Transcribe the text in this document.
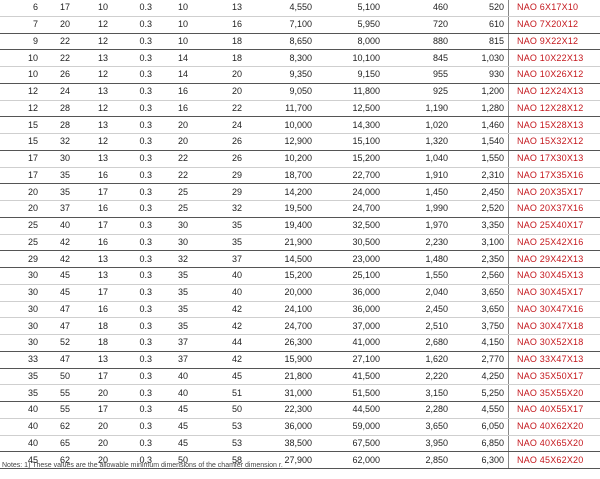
6	17	10	0.3	10	13	4,550	5,100	460	520	NAO 6X17X10
7	20	12	0.3	10	16	7,100	5,950	720	610	NAO 7X20X12
9	22	12	0.3	10	18	8,650	8,000	880	815	NAO 9X22X12
10	22	13	0.3	14	18	8,300	10,100	845	1,030	NAO 10X22X13
10	26	12	0.3	14	20	9,350	9,150	955	930	NAO 10X26X12
12	24	13	0.3	16	20	9,050	11,800	925	1,200	NAO 12X24X13
12	28	12	0.3	16	22	11,700	12,500	1,190	1,280	NAO 12X28X12
15	28	13	0.3	20	24	10,000	14,300	1,020	1,460	NAO 15X28X13
15	32	12	0.3	20	26	12,900	15,100	1,320	1,540	NAO 15X32X12
17	30	13	0.3	22	26	10,200	15,200	1,040	1,550	NAO 17X30X13
17	35	16	0.3	22	29	18,700	22,700	1,910	2,310	NAO 17X35X16
20	35	17	0.3	25	29	14,200	24,000	1,450	2,450	NAO 20X35X17
20	37	16	0.3	25	32	19,500	24,700	1,990	2,520	NAO 20X37X16
25	40	17	0.3	30	35	19,400	32,500	1,970	3,350	NAO 25X40X17
25	42	16	0.3	30	35	21,900	30,500	2,230	3,100	NAO 25X42X16
29	42	13	0.3	32	37	14,500	23,000	1,480	2,350	NAO 29X42X13
30	45	13	0.3	35	40	15,200	25,100	1,550	2,560	NAO 30X45X13
30	45	17	0.3	35	40	20,000	36,000	2,040	3,650	NAO 30X45X17
30	47	16	0.3	35	42	24,100	36,000	2,450	3,650	NAO 30X47X16
30	47	18	0.3	35	42	24,700	37,000	2,510	3,750	NAO 30X47X18
30	52	18	0.3	37	44	26,300	41,000	2,680	4,150	NAO 30X52X18
33	47	13	0.3	37	42	15,900	27,100	1,620	2,770	NAO 33X47X13
35	50	17	0.3	40	45	21,800	41,500	2,220	4,250	NAO 35X50X17
35	55	20	0.3	40	51	31,000	51,500	3,150	5,250	NAO 35X55X20
40	55	17	0.3	45	50	22,300	44,500	2,280	4,550	NAO 40X55X17
40	62	20	0.3	45	53	36,000	59,000	3,650	6,050	NAO 40X62X20
40	65	20	0.3	45	53	38,500	67,500	3,950	6,850	NAO 40X65X20
45	62	20	0.3	50	58	27,900	62,000	2,850	6,300	NAO 45X62X20
Notes: 1) These values are the allowable minimum dimensions of the chamfer dimension r.
